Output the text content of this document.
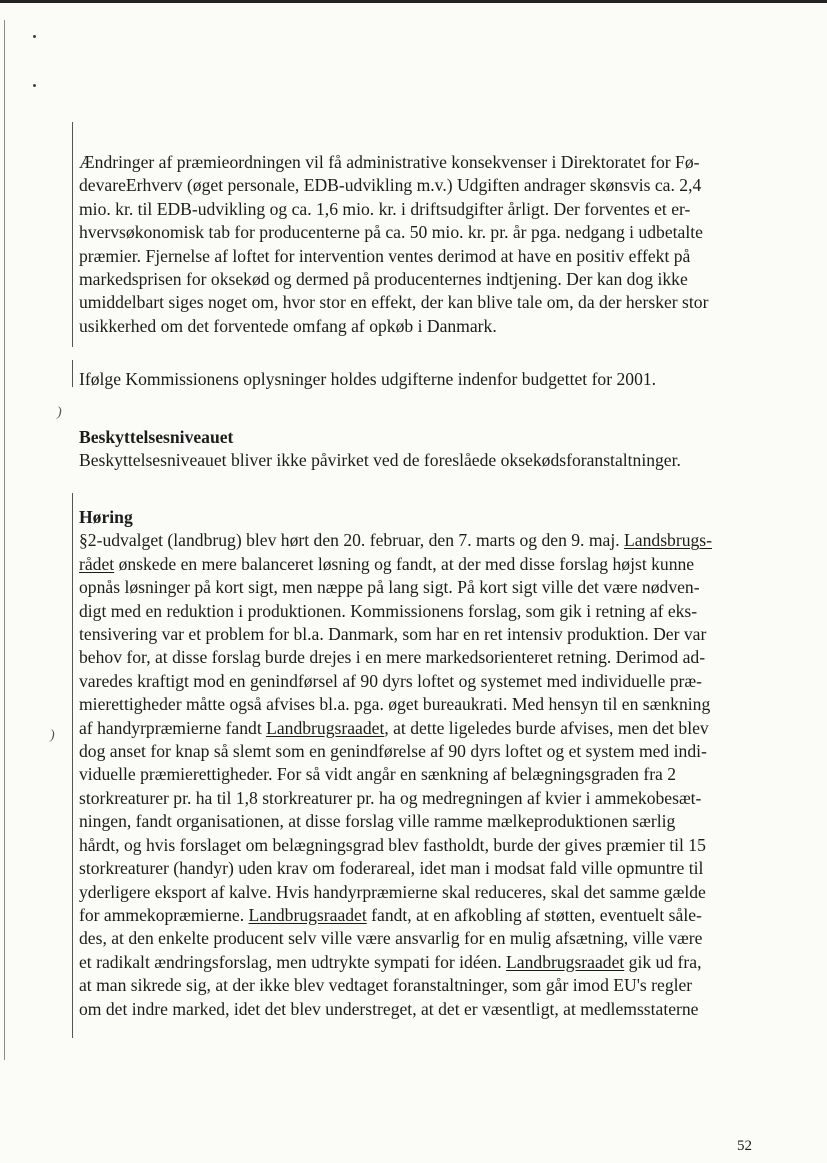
)
)

Ændringer af præmieordningen vil få administrative konsekvenser i Direktoratet for Fø-

devareErhverv (øget personale, EDB-udvikling m.v.) Udgiften andrager skønsvis ca. 2,4

mio. kr. til EDB-udvikling og ca. 1,6 mio. kr. i driftsudgifter årligt. Der forventes et er-

hvervsøkonomisk tab for producenterne på ca. 50 mio. kr. pr. år pga. nedgang i udbetalte

præmier. Fjernelse af loftet for intervention ventes derimod at have en positiv effekt på

markedsprisen for oksekød og dermed på producenternes indtjening. Der kan dog ikke

umiddelbart siges noget om, hvor stor en effekt, der kan blive tale om, da der hersker stor

usikkerhed om det forventede omfang af opkøb i Danmark.

Ifølge Kommissionens oplysninger holdes udgifterne indenfor budgettet for 2001.

Beskyttelsesniveauet

Beskyttelsesniveauet bliver ikke påvirket ved de foreslåede oksekødsforanstaltninger.

Høring

§2-udvalget (landbrug) blev hørt den 20. februar, den 7. marts og den 9. maj. Landsbrugs-

rådet ønskede en mere balanceret løsning og fandt, at der med disse forslag højst kunne

opnås løsninger på kort sigt, men næppe på lang sigt. På kort sigt ville det være nødven-

digt med en reduktion i produktionen. Kommissionens forslag, som gik i retning af eks-

tensivering var et problem for bl.a. Danmark, som har en ret intensiv produktion. Der var

behov for, at disse forslag burde drejes i en mere markedsorienteret retning. Derimod ad-

varedes kraftigt mod en genindførsel af 90 dyrs loftet og systemet med individuelle præ-

mierettigheder måtte også afvises bl.a. pga. øget bureaukrati. Med hensyn til en sænkning

af handyrpræmierne fandt Landbrugsraadet, at dette ligeledes burde afvises, men det blev

dog anset for knap så slemt som en genindførelse af 90 dyrs loftet og et system med indi-

viduelle præmierettigheder. For så vidt angår en sænkning af belægningsgraden fra 2

storkreaturer pr. ha til 1,8 storkreaturer pr. ha og medregningen af kvier i ammekobesæt-

ningen, fandt organisationen, at disse forslag ville ramme mælkeproduktionen særlig

hårdt, og hvis forslaget om belægningsgrad blev fastholdt, burde der gives præmier til 15

storkreaturer (handyr) uden krav om foderareal, idet man i modsat fald ville opmuntre til

yderligere eksport af kalve. Hvis handyrpræmierne skal reduceres, skal det samme gælde

for ammekopræmierne. Landbrugsraadet fandt, at en afkobling af støtten, eventuelt såle-

des, at den enkelte producent selv ville være ansvarlig for en mulig afsætning, ville være

et radikalt ændringsforslag, men udtrykte sympati for idéen. Landbrugsraadet gik ud fra,

at man sikrede sig, at der ikke blev vedtaget foranstaltninger, som går imod EU's regler

om det indre marked, idet det blev understreget, at det er væsentligt, at medlemsstaterne

52
